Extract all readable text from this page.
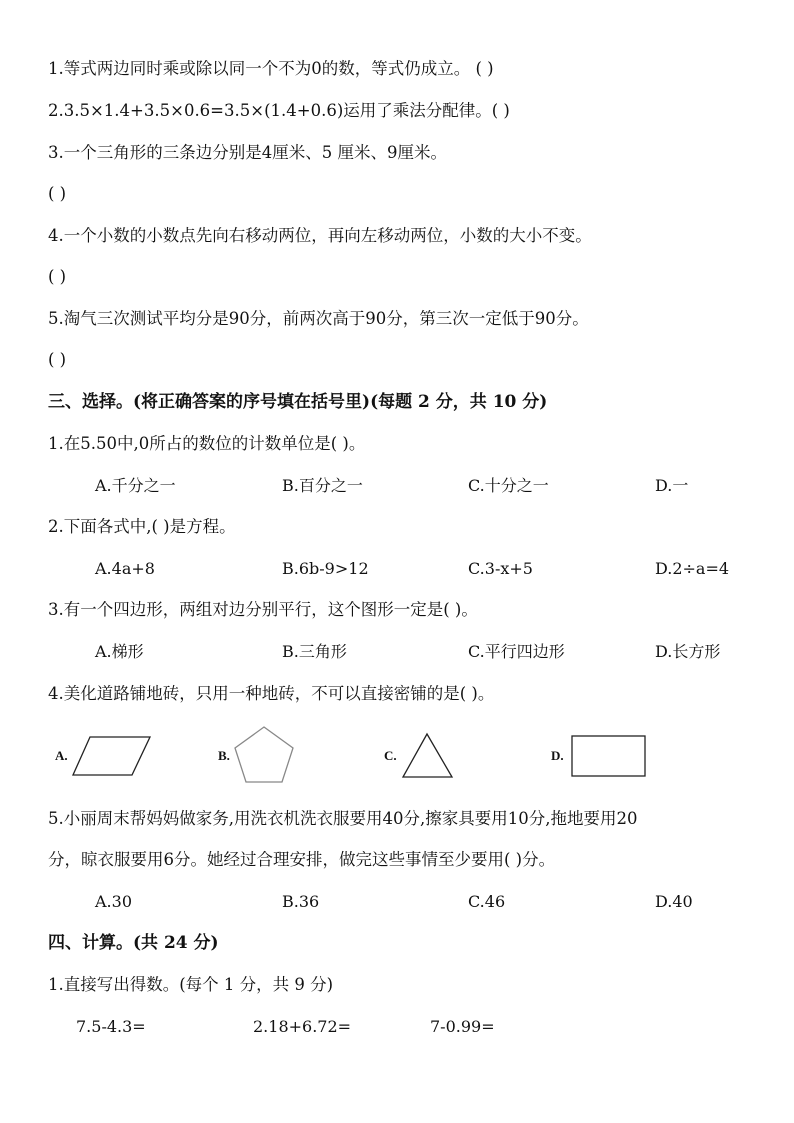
1.等式两边同时乘或除以同一个不为0的数，等式仍成立。 ( )
2.3.5×1.4+3.5×0.6=3.5×(1.4+0.6)运用了乘法分配律。( )
3.一个三角形的三条边分别是4厘米、5 厘米、9厘米。
( )
4.一个小数的小数点先向右移动两位，再向左移动两位，小数的大小不变。
( )
5.淘气三次测试平均分是90分，前两次高于90分，第三次一定低于90分。
( )
三、选择。(将正确答案的序号填在括号里)(每题 2 分，共 10 分)
1.在5.50中,0所占的数位的计数单位是( )。
A.千分之一	B.百分之一	C.十分之一	D.一
2.下面各式中,( )是方程。
A.4a+8	B.6b-9>12	C.3-x+5	D.2÷a=4
3.有一个四边形，两组对边分别平行，这个图形一定是( )。
A.梯形	B.三角形	C.平行四边形	D.长方形
4.美化道路铺地砖，只用一种地砖，不可以直接密铺的是( )。
A.	B.	C.	D.
5.小丽周末帮妈妈做家务,用洗衣机洗衣服要用40分,擦家具要用10分,拖地要用20
分，晾衣服要用6分。她经过合理安排，做完这些事情至少要用( )分。
A.30	B.36	C.46	D.40
四、计算。(共 24 分)
1.直接写出得数。(每个 1 分，共 9 分)
7.5-4.3=	2.18+6.72=	7-0.99=
